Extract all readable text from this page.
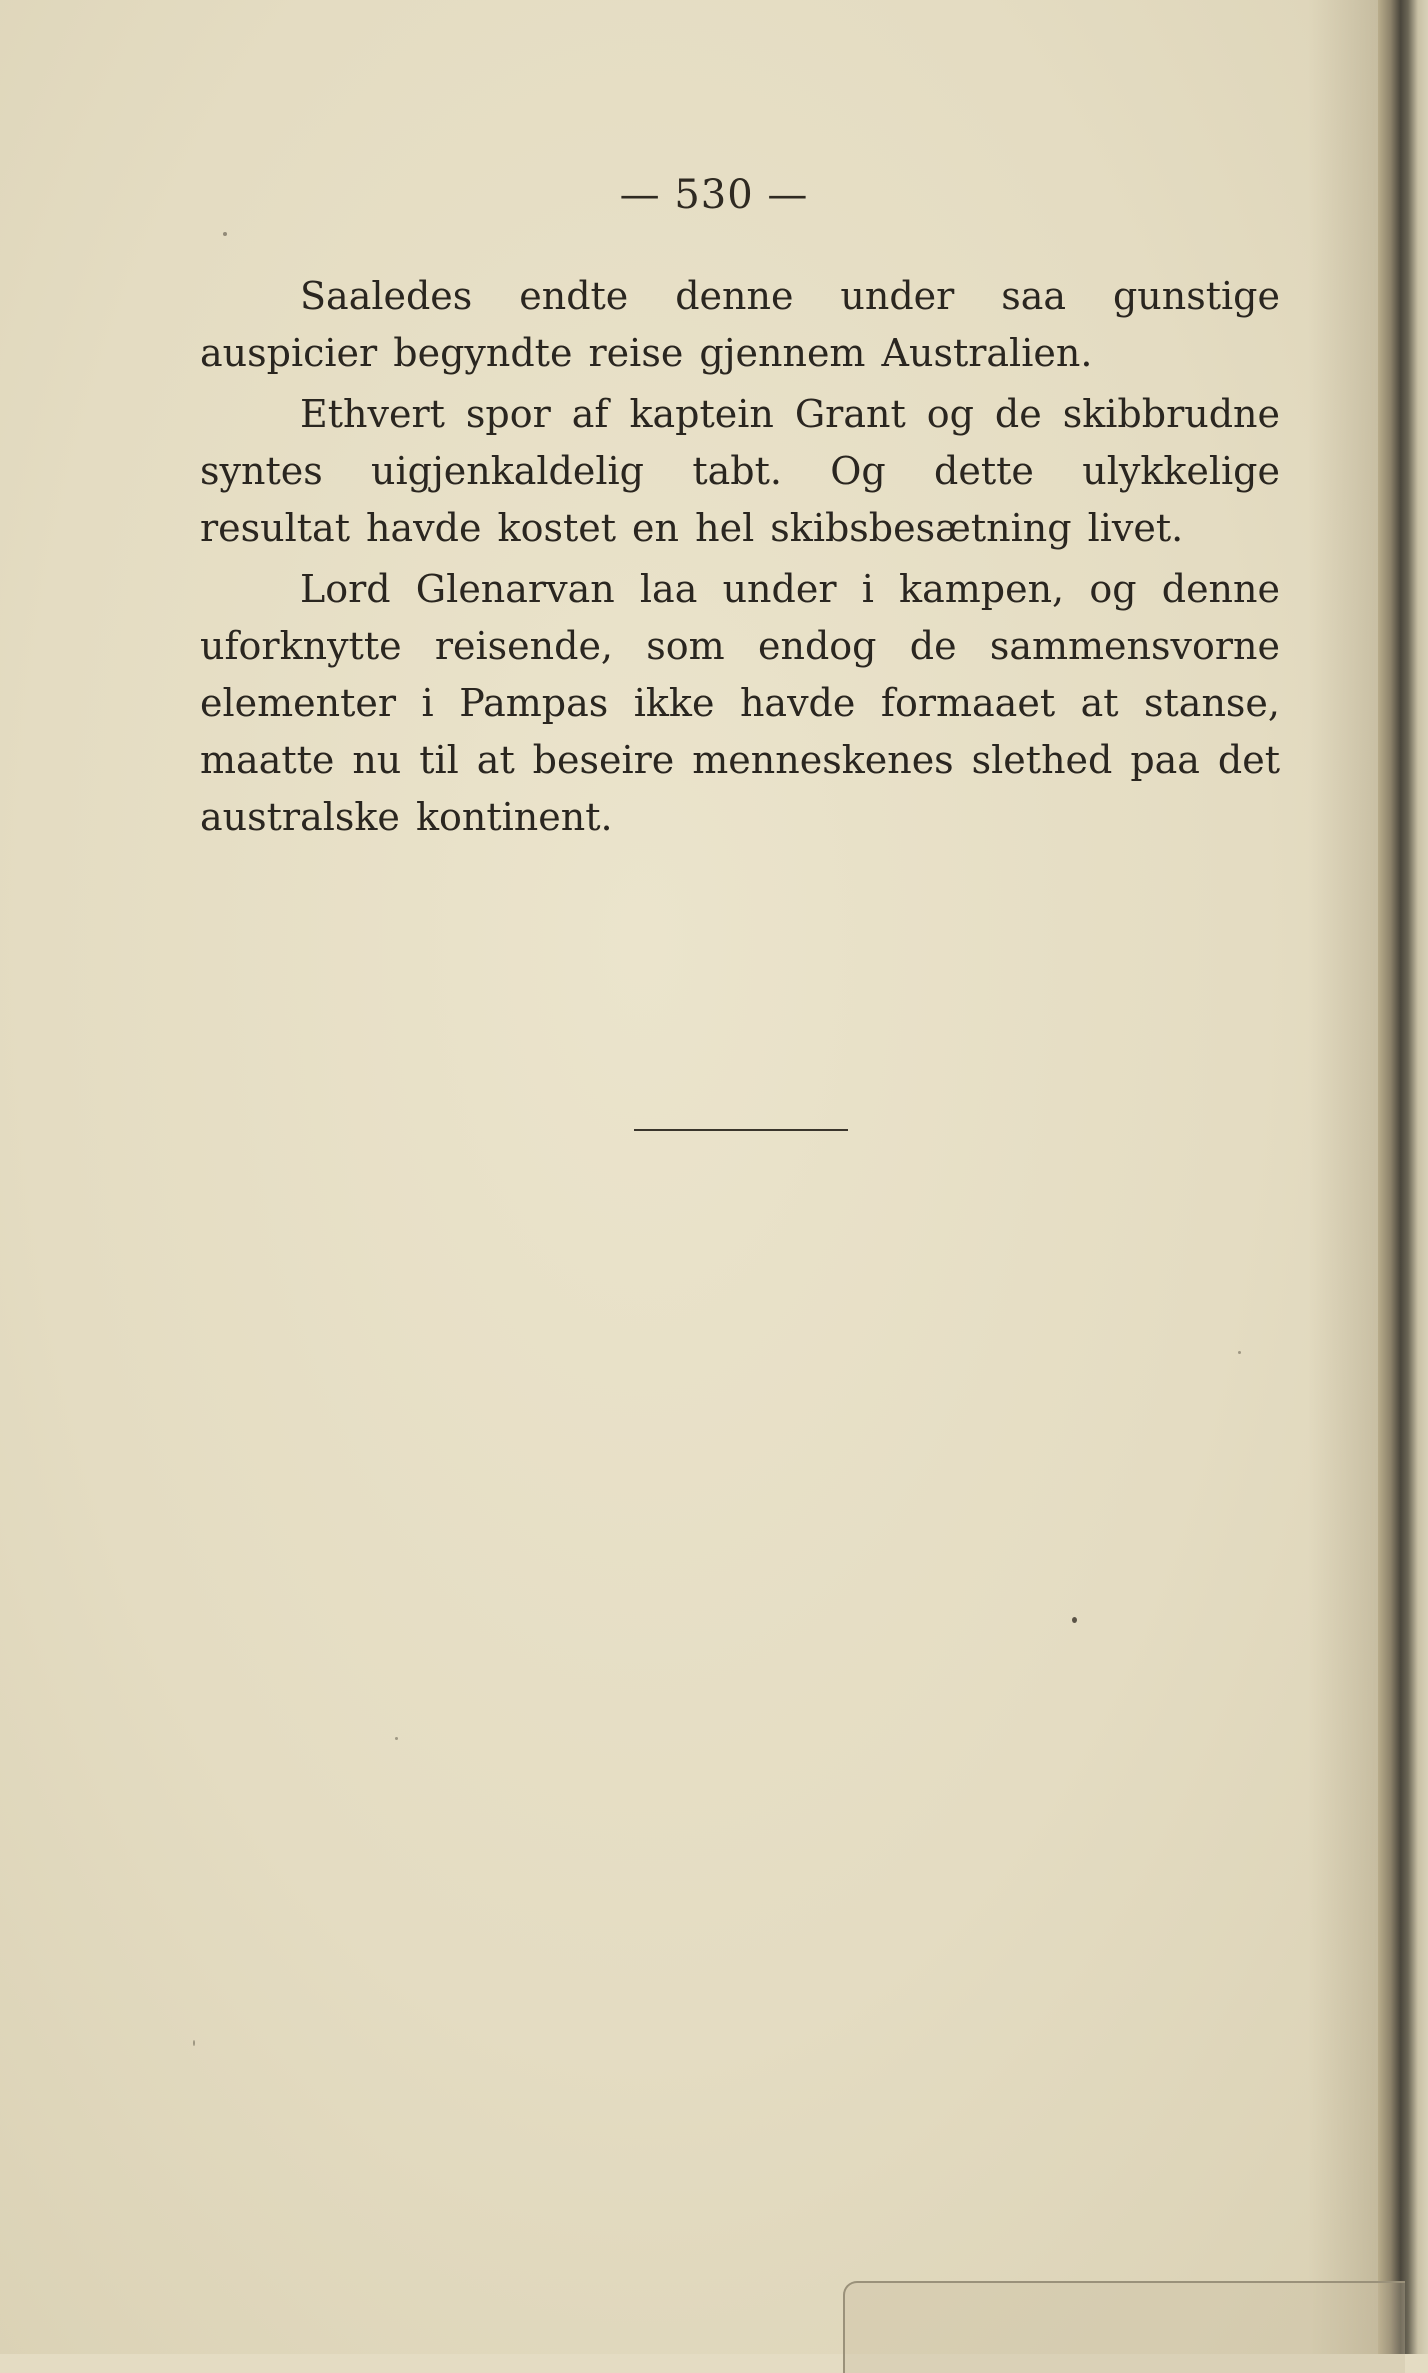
— 530 —

Saaledes endte denne under saa gunstige auspicier begyndte reise gjennem Australien.

Ethvert spor af kaptein Grant og de skibbrudne syntes uigjenkaldelig tabt. Og dette ulykkelige resultat havde kostet en hel skibsbesætning livet.

Lord Glenarvan laa under i kampen, og denne uforknytte reisende, som endog de sammensvorne elementer i Pampas ikke havde formaaet at stanse, maatte nu til at beseire menneskenes slethed paa det australske kontinent.
